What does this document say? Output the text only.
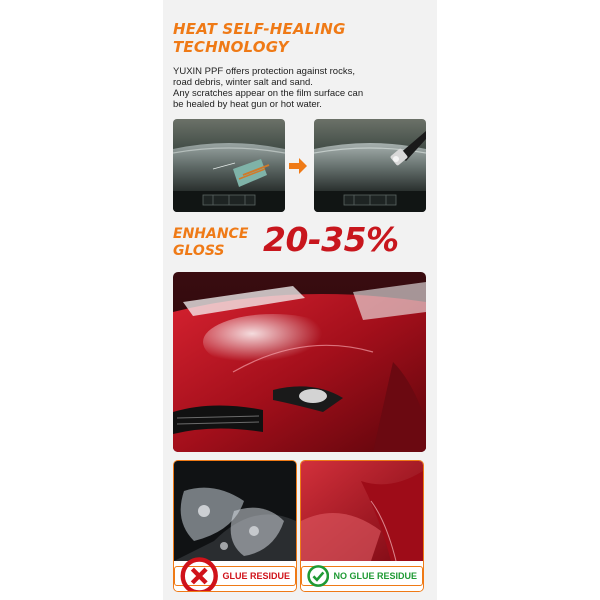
HEAT SELF-HEALING
TECHNOLOGY
YUXIN PPF offers protection against rocks,
road debris, winter salt and sand.
Any scratches appear on the film surface can
be healed by heat gun or hot water.
ENHANCE
GLOSS	20-35%
GLUE RESIDUE	NO GLUE RESIDUE
